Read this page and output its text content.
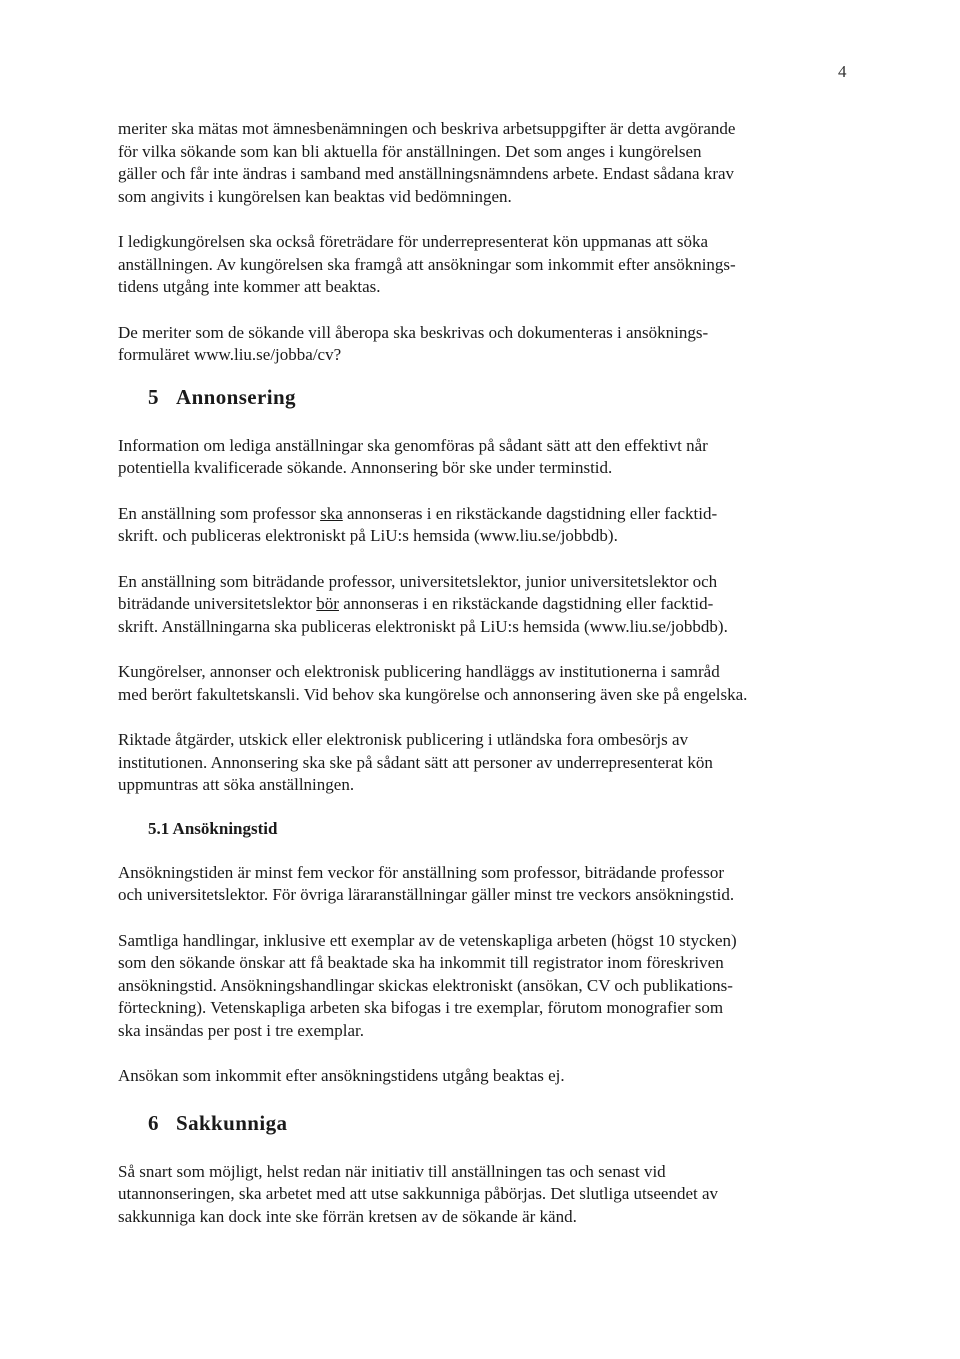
4

meriter ska mätas mot ämnesbenämningen och beskriva arbetsuppgifter är detta avgörande
för vilka sökande som kan bli aktuella för anställningen. Det som anges i kungörelsen
gäller och får inte ändras i samband med anställningsnämndens arbete. Endast sådana krav
som angivits i kungörelsen kan beaktas vid bedömningen.

I ledigkungörelsen ska också företrädare för underrepresenterat kön uppmanas att söka
anställningen. Av kungörelsen ska framgå att ansökningar som inkommit efter ansöknings-
tidens utgång inte kommer att beaktas.

De meriter som de sökande vill åberopa ska beskrivas och dokumenteras i ansöknings-
formuläret www.liu.se/jobba/cv?

5 Annonsering

Information om lediga anställningar ska genomföras på sådant sätt att den effektivt når
potentiella kvalificerade sökande. Annonsering bör ske under terminstid.

En anställning som professor ska annonseras i en rikstäckande dagstidning eller facktid-
skrift. och publiceras elektroniskt på LiU:s hemsida (www.liu.se/jobbdb).

En anställning som biträdande professor, universitetslektor, junior universitetslektor och
biträdande universitetslektor bör annonseras i en rikstäckande dagstidning eller facktid-
skrift. Anställningarna ska publiceras elektroniskt på LiU:s hemsida (www.liu.se/jobbdb).

Kungörelser, annonser och elektronisk publicering handläggs av institutionerna i samråd
med berört fakultetskansli. Vid behov ska kungörelse och annonsering även ske på engelska.

Riktade åtgärder, utskick eller elektronisk publicering i utländska fora ombesörjs av
institutionen. Annonsering ska ske på sådant sätt att personer av underrepresenterat kön
uppmuntras att söka anställningen.

5.1 Ansökningstid

Ansökningstiden är minst fem veckor för anställning som professor, biträdande professor
och universitetslektor. För övriga läraranställningar gäller minst tre veckors ansökningstid.

Samtliga handlingar, inklusive ett exemplar av de vetenskapliga arbeten (högst 10 stycken)
som den sökande önskar att få beaktade ska ha inkommit till registrator inom föreskriven
ansökningstid. Ansökningshandlingar skickas elektroniskt (ansökan, CV och publikations-
förteckning). Vetenskapliga arbeten ska bifogas i tre exemplar, förutom monografier som
ska insändas per post i tre exemplar.

Ansökan som inkommit efter ansökningstidens utgång beaktas ej.

6 Sakkunniga

Så snart som möjligt, helst redan när initiativ till anställningen tas och senast vid
utannonseringen, ska arbetet med att utse sakkunniga påbörjas. Det slutliga utseendet av
sakkunniga kan dock inte ske förrän kretsen av de sökande är känd.
